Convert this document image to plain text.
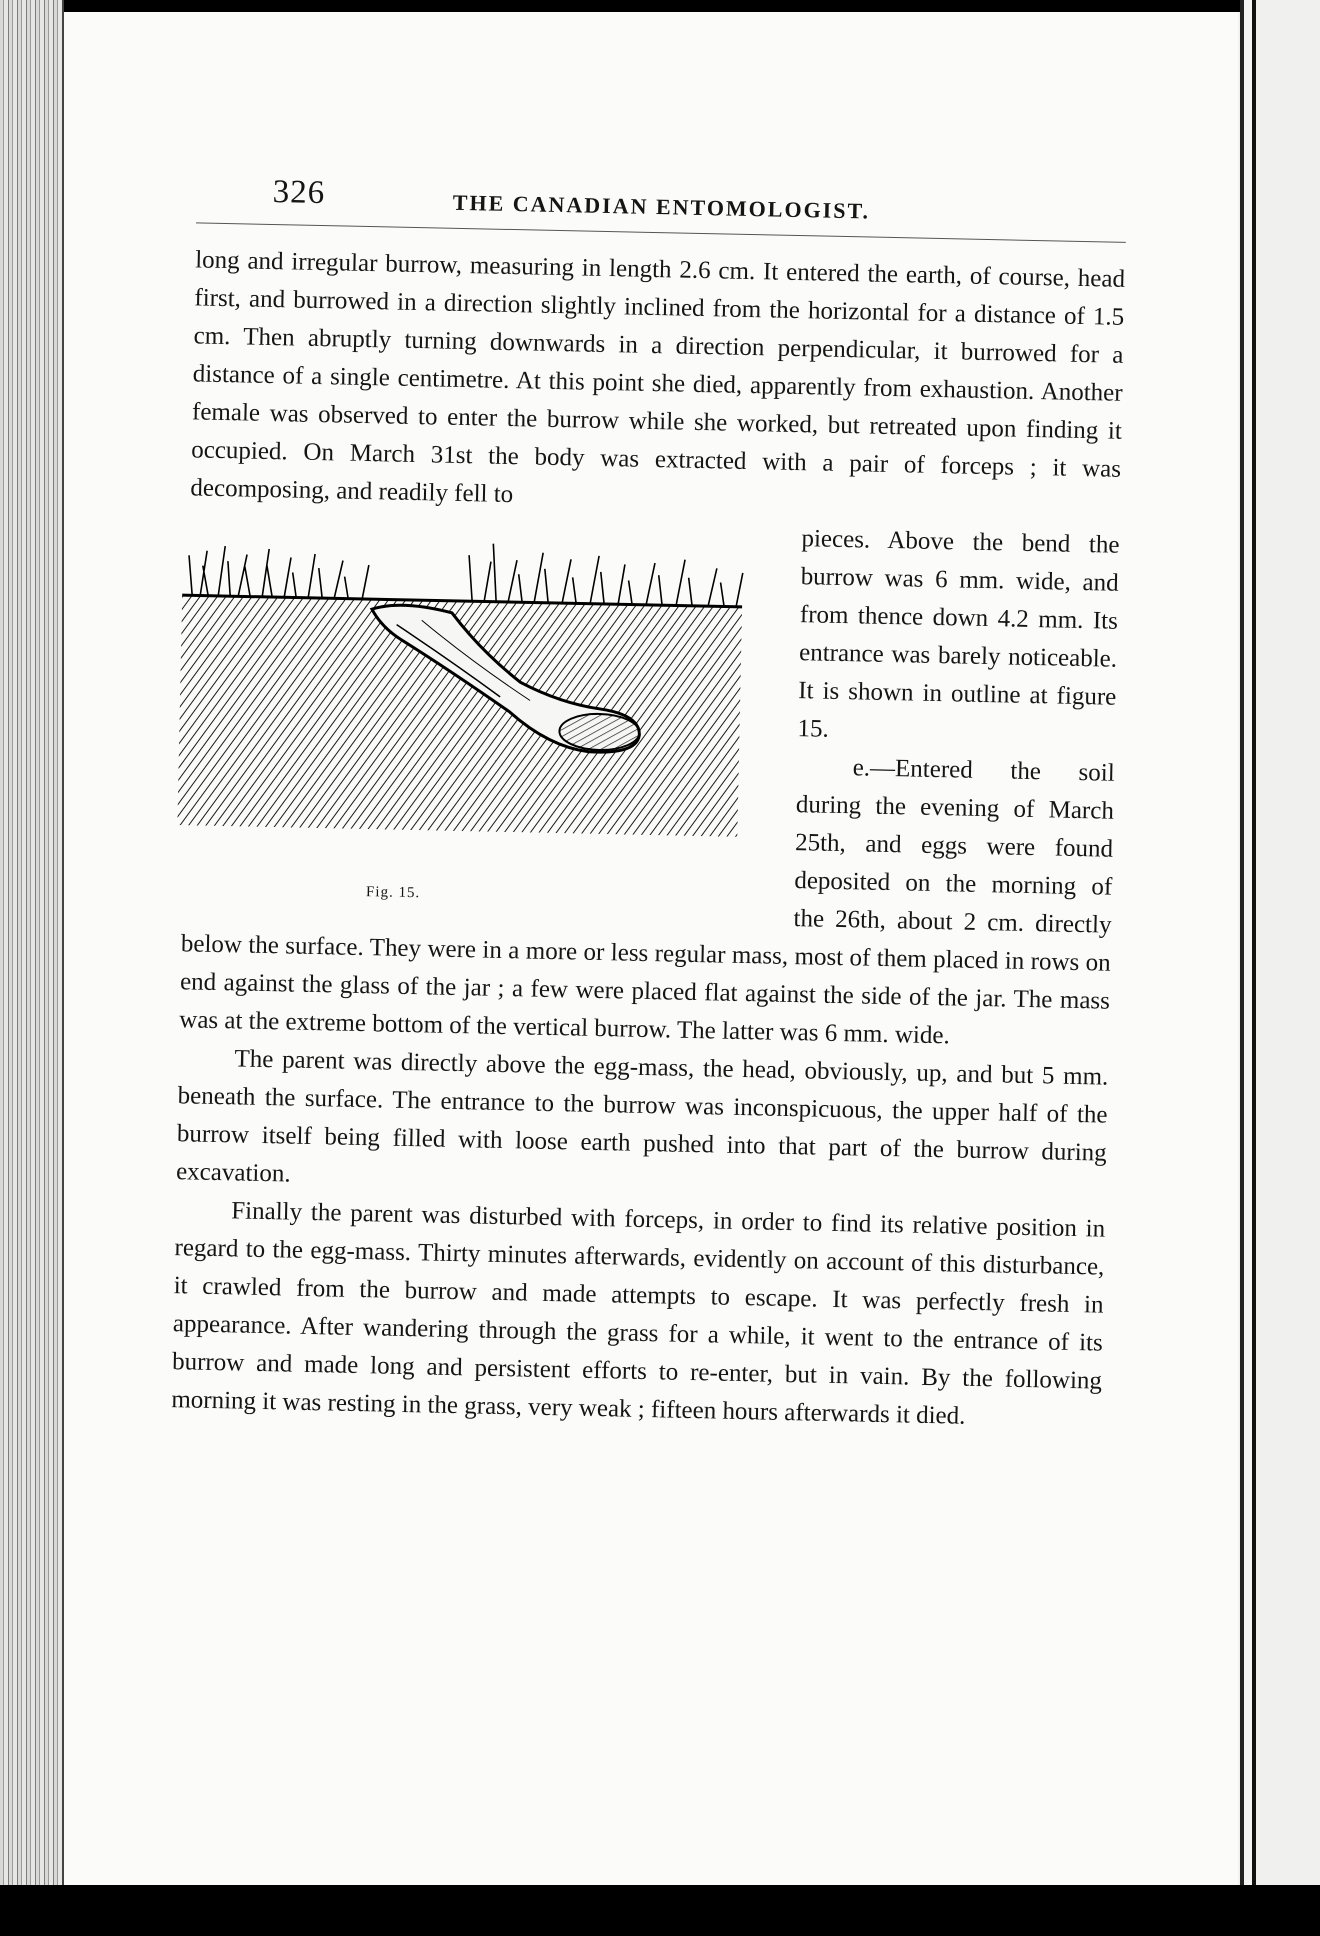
326	THE CANADIAN ENTOMOLOGIST.

long and irregular burrow, measuring in length 2.6 cm. It entered the earth, of course, head first, and burrowed in a direction slightly inclined from the horizontal for a distance of 1.5 cm. Then abruptly turning downwards in a direction perpendicular, it burrowed for a distance of a single centimetre. At this point she died, apparently from exhaustion. Another female was observed to enter the burrow while she worked, but retreated upon finding it occupied. On March 31st the body was extracted with a pair of forceps ; it was decomposing, and readily fell to

Fig. 15.

pieces. Above the bend the burrow was 6 mm. wide, and from thence down 4.2 mm. Its entrance was barely noticeable. It is shown in outline at figure 15.

e.—Entered the soil during the evening of March 25th, and eggs were found deposited on the morning of the 26th, about 2 cm. directly below the surface. They were in a more or less regular mass, most of them placed in rows on end against the glass of the jar ; a few were placed flat against the side of the jar. The mass was at the extreme bottom of the vertical burrow. The latter was 6 mm. wide.

The parent was directly above the egg-mass, the head, obviously, up, and but 5 mm. beneath the surface. The entrance to the burrow was inconspicuous, the upper half of the burrow itself being filled with loose earth pushed into that part of the burrow during excavation.

Finally the parent was disturbed with forceps, in order to find its relative position in regard to the egg-mass. Thirty minutes afterwards, evidently on account of this disturbance, it crawled from the burrow and made attempts to escape. It was perfectly fresh in appearance. After wandering through the grass for a while, it went to the entrance of its burrow and made long and persistent efforts to re-enter, but in vain. By the following morning it was resting in the grass, very weak ; fifteen hours afterwards it died.
